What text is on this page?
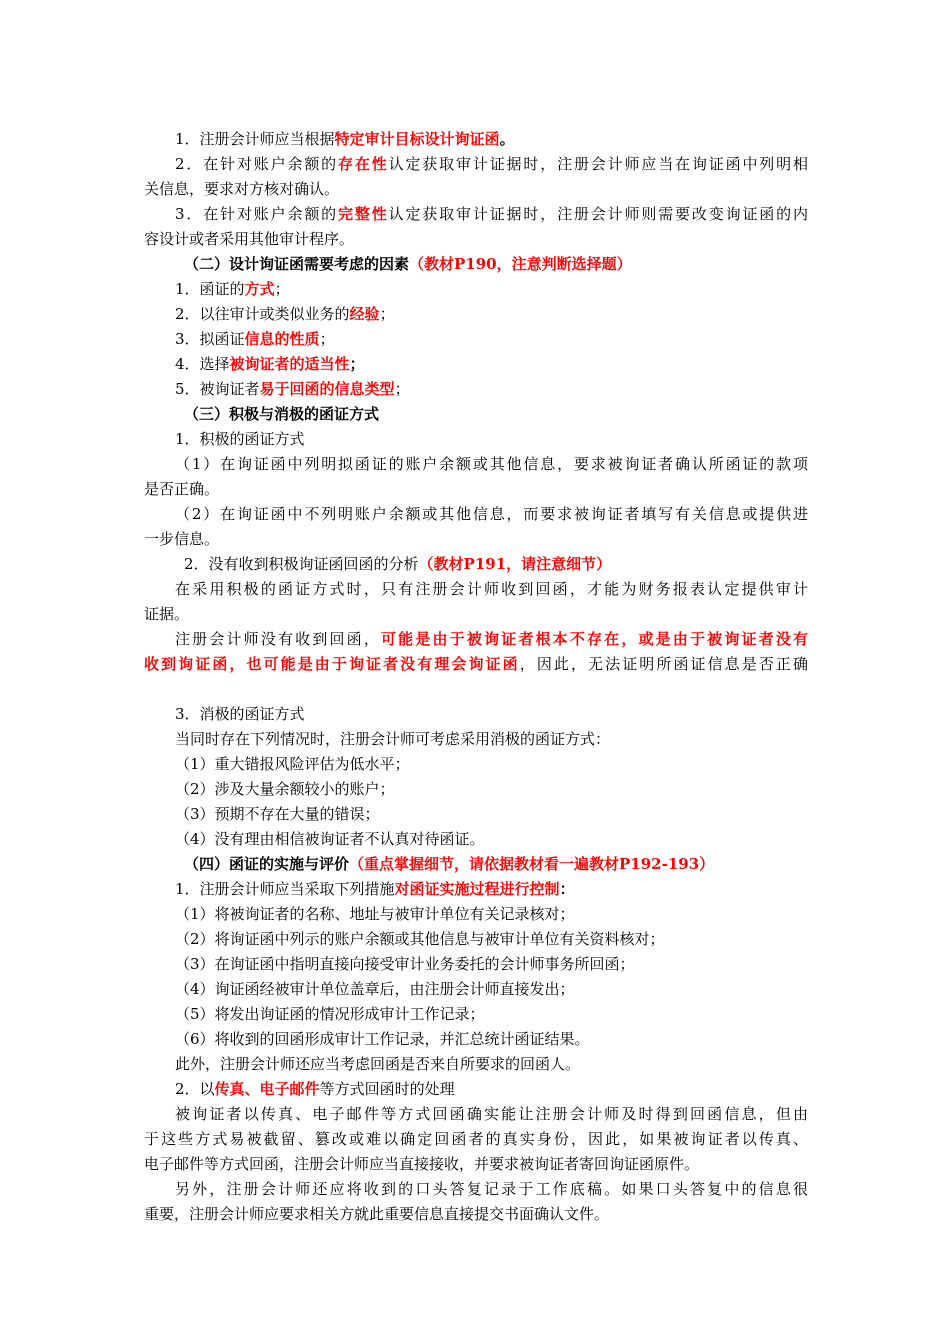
1．注册会计师应当根据特定审计目标设计询证函。
2．在针对账户余额的存在性认定获取审计证据时，注册会计师应当在询证函中列明相
关信息，要求对方核对确认。
3．在针对账户余额的完整性认定获取审计证据时，注册会计师则需要改变询证函的内
容设计或者采用其他审计程序。
（二）设计询证函需要考虑的因素（教材P190，注意判断选择题）
1．函证的方式；
2．以往审计或类似业务的经验；
3．拟函证信息的性质；
4．选择被询证者的适当性；
5．被询证者易于回函的信息类型；
（三）积极与消极的函证方式
1．积极的函证方式
（1）在询证函中列明拟函证的账户余额或其他信息，要求被询证者确认所函证的款项
是否正确。
（2）在询证函中不列明账户余额或其他信息，而要求被询证者填写有关信息或提供进
一步信息。
2．没有收到积极询证函回函的分析（教材P191，请注意细节）
在采用积极的函证方式时，只有注册会计师收到回函，才能为财务报表认定提供审计
证据。
注册会计师没有收到回函，可能是由于被询证者根本不存在，或是由于被询证者没有
收到询证函，也可能是由于询证者没有理会询证函，因此，无法证明所函证信息是否正确
3．消极的函证方式
当同时存在下列情况时，注册会计师可考虑采用消极的函证方式：
（1）重大错报风险评估为低水平；
（2）涉及大量余额较小的账户；
（3）预期不存在大量的错误；
（4）没有理由相信被询证者不认真对待函证。
（四）函证的实施与评价（重点掌握细节，请依据教材看一遍教材P192-193）
1．注册会计师应当采取下列措施对函证实施过程进行控制：
（1）将被询证者的名称、地址与被审计单位有关记录核对；
（2）将询证函中列示的账户余额或其他信息与被审计单位有关资料核对；
（3）在询证函中指明直接向接受审计业务委托的会计师事务所回函；
（4）询证函经被审计单位盖章后，由注册会计师直接发出；
（5）将发出询证函的情况形成审计工作记录；
（6）将收到的回函形成审计工作记录，并汇总统计函证结果。
此外，注册会计师还应当考虑回函是否来自所要求的回函人。
2．以传真、电子邮件等方式回函时的处理
被询证者以传真、电子邮件等方式回函确实能让注册会计师及时得到回函信息，但由
于这些方式易被截留、篡改或难以确定回函者的真实身份，因此，如果被询证者以传真、
电子邮件等方式回函，注册会计师应当直接接收，并要求被询证者寄回询证函原件。
另外，注册会计师还应将收到的口头答复记录于工作底稿。如果口头答复中的信息很
重要，注册会计师应要求相关方就此重要信息直接提交书面确认文件。
